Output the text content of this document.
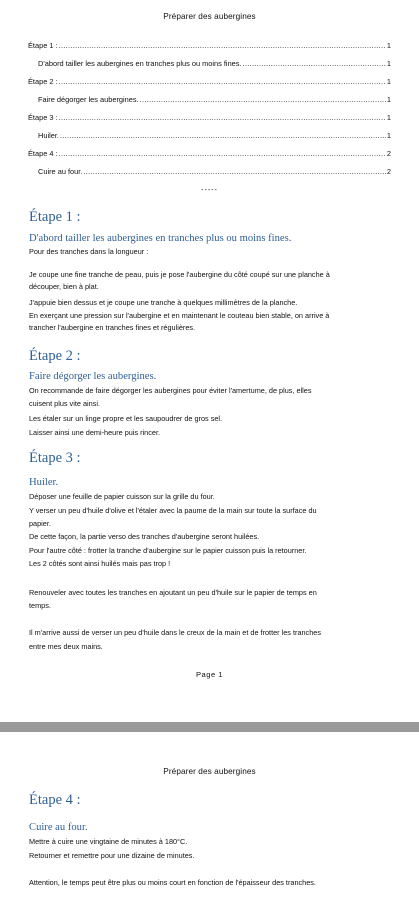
Préparer des aubergines
Étape 1 : .....	1
D'abord tailler les aubergines en tranches plus ou moins fines. .....	1
Étape 2 : .....	1
Faire dégorger les aubergines. .....	1
Étape 3 : .....	1
Huiler. .....	1
Étape 4 : .....	2
Cuire au four. .....	2
-----
Étape 1 :
D'abord tailler les aubergines en tranches plus ou moins fines.
Pour des tranches dans la longueur :
Je coupe une fine tranche de peau, puis je pose l'aubergine du côté coupé sur une planche à
découper, bien à plat.
J'appuie bien dessus et je coupe une tranche à quelques millimètres de la planche.
En exerçant une pression sur l'aubergine et en maintenant le couteau bien stable, on arrive à
trancher l'aubergine en tranches fines et régulières.
Étape 2 :
Faire dégorger les aubergines.
On recommande de faire dégorger les aubergines pour éviter l'amertume, de plus, elles
cuisent plus vite ainsi.
Les étaler sur un linge propre et les saupoudrer de gros sel.
Laisser ainsi une demi-heure puis rincer.
Étape 3 :
Huiler.
Déposer une feuille de papier cuisson sur la grille du four.
Y verser un peu d'huile d'olive et l'étaler avec la paume de la main sur toute la surface du
papier.
De cette façon, la partie verso des tranches d'aubergine seront huilées.
Pour l'autre côté : frotter la tranche d'aubergine sur le papier cuisson puis la retourner.
Les 2 côtés sont ainsi huilés mais pas trop !
Renouveler avec toutes les tranches en ajoutant un peu d'huile sur le papier de temps en
temps.
Il m'arrive aussi de verser un peu d'huile dans le creux de la main et de frotter les tranches
entre mes deux mains.
Page 1
Préparer des aubergines
Étape 4 :
Cuire au four.
Mettre à cuire une vingtaine de minutes à 180°C.
Retourner et remettre pour une dizaine de minutes.
Attention, le temps peut être plus ou moins court en fonction de l'épaisseur des tranches.
